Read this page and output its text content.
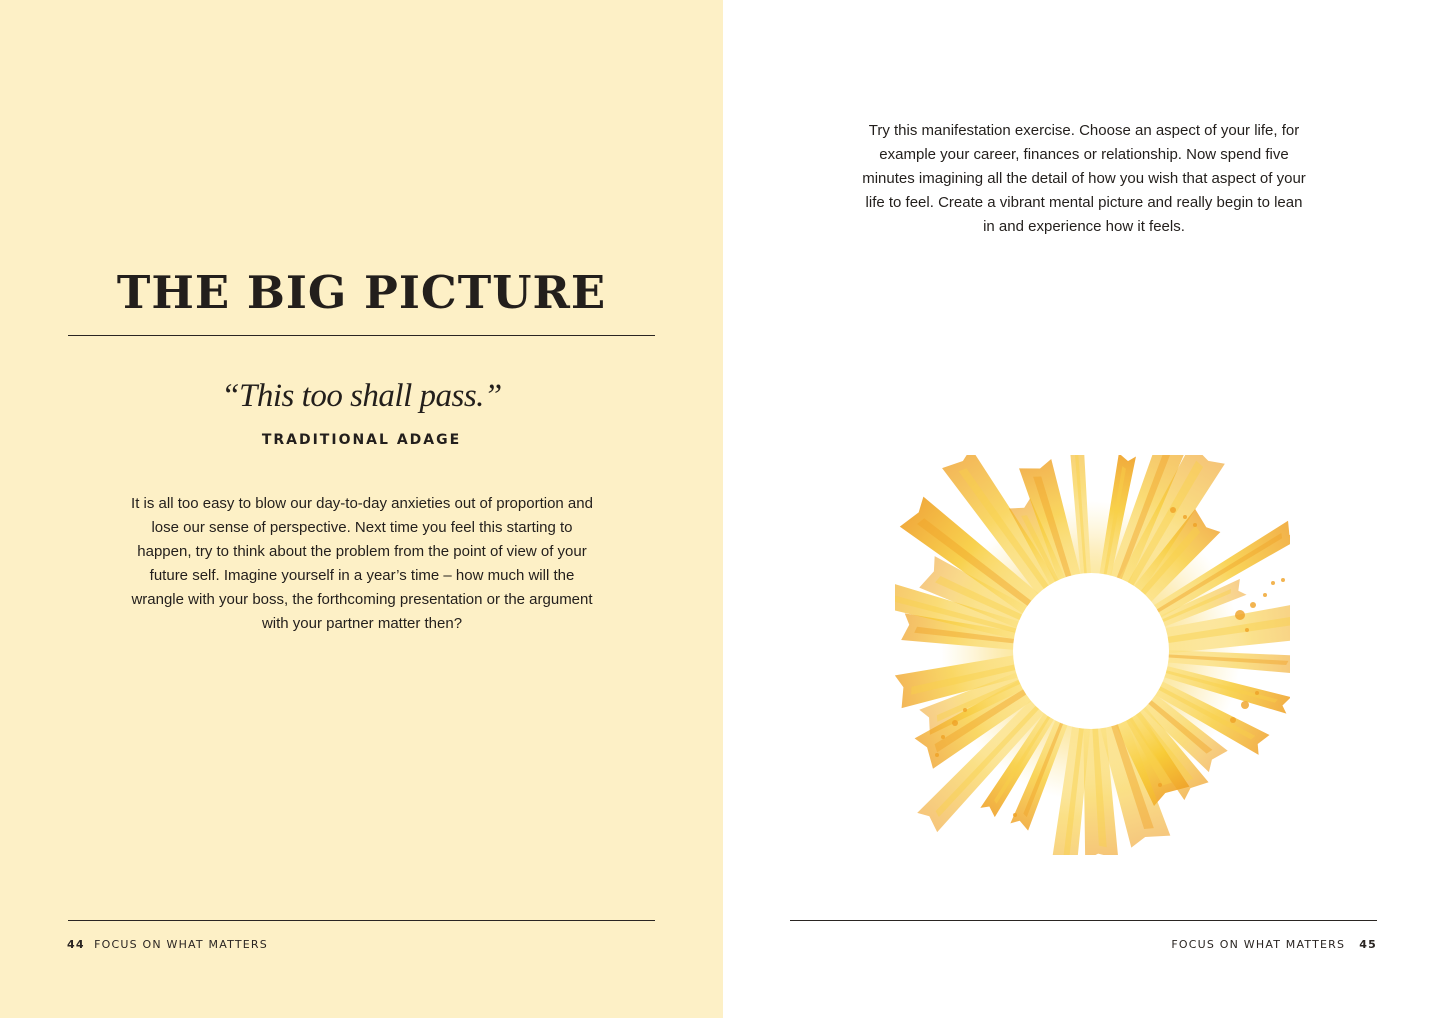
THE BIG PICTURE
“This too shall pass.”
TRADITIONAL ADAGE
It is all too easy to blow our day-to-day anxieties out of proportion and lose our sense of perspective. Next time you feel this starting to happen, try to think about the problem from the point of view of your future self. Imagine yourself in a year’s time – how much will the wrangle with your boss, the forthcoming presentation or the argument with your partner matter then?
44 FOCUS ON WHAT MATTERS
Try this manifestation exercise. Choose an aspect of your life, for example your career, finances or relationship. Now spend five minutes imagining all the detail of how you wish that aspect of your life to feel. Create a vibrant mental picture and really begin to lean in and experience how it feels.
FOCUS ON WHAT MATTERS 45
